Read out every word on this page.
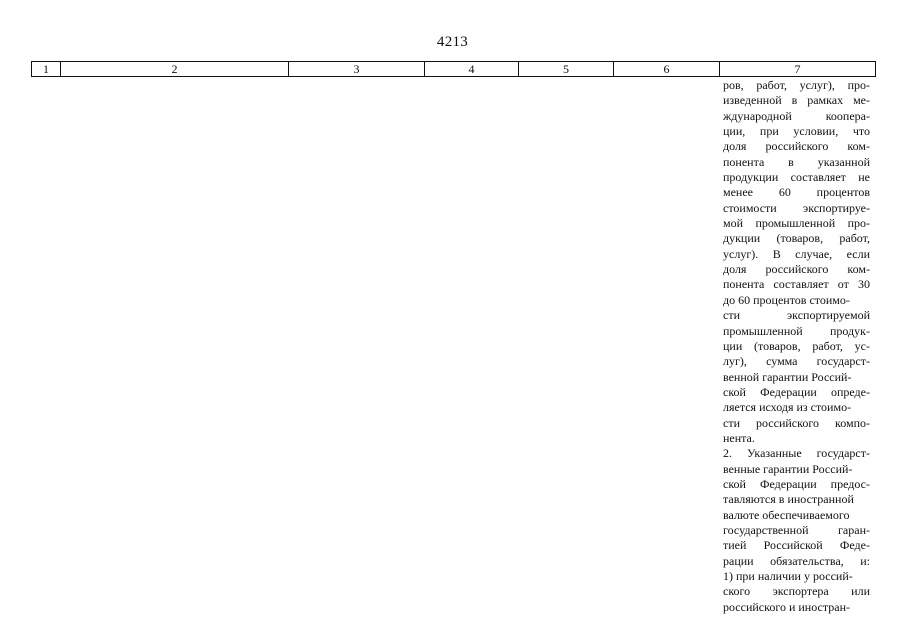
4213
1	2	3	4	5	6	7
ров, работ, услуг), про-
изведенной в рамках ме-
ждународной коопера-
ции, при условии, что
доля российского ком-
понента в указанной
продукции составляет не
менее 60 процентов
стоимости экспортируе-
мой промышленной про-
дукции (товаров, работ,
услуг). В случае, если
доля российского ком-
понента составляет от 30
до 60 процентов стоимо-
сти экспортируемой
промышленной продук-
ции (товаров, работ, ус-
луг), сумма государст-
венной гарантии Россий-
ской Федерации опреде-
ляется исходя из стоимо-
сти российского компо-
нента.
2. Указанные государст-
венные гарантии Россий-
ской Федерации предос-
тавляются в иностранной
валюте обеспечиваемого
государственной гаран-
тией Российской Феде-
рации обязательства, и:
1) при наличии у россий-
ского экспортера или
российского и иностран-
